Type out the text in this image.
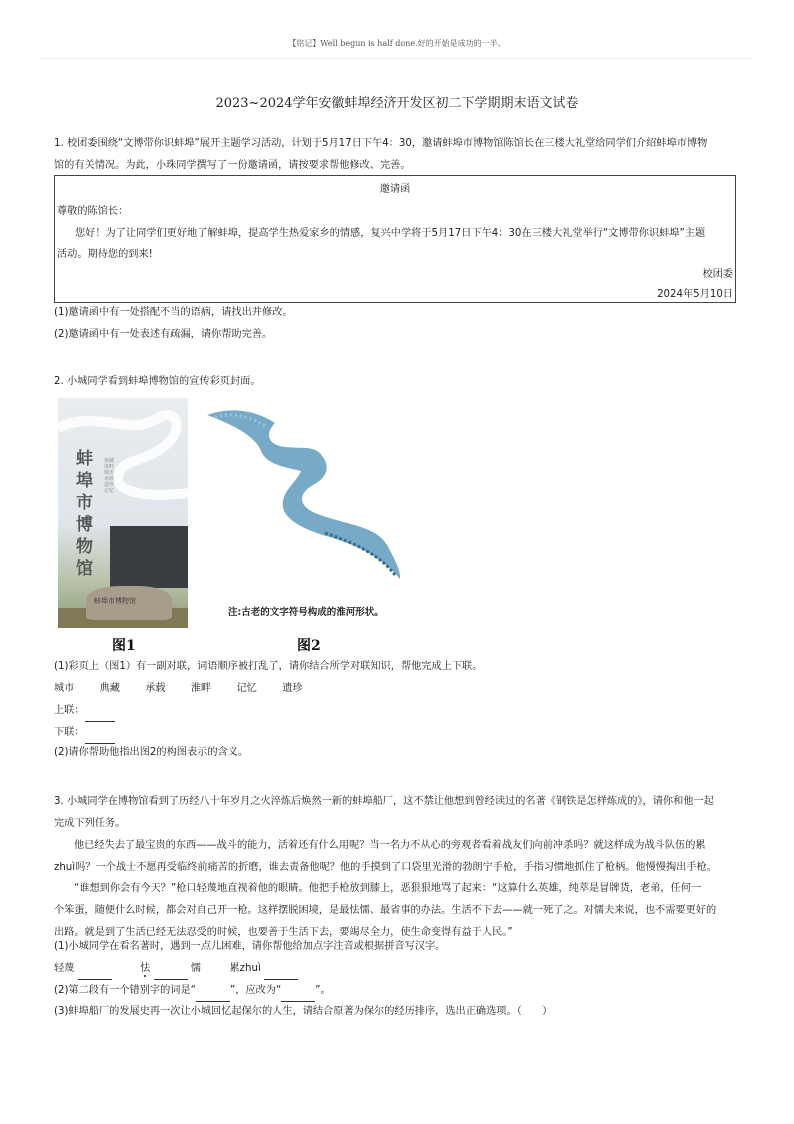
【铭记】Well begun is half done.好的开始是成功的一半。
2023~2024学年安徽蚌埠经济开发区初二下学期期末语文试卷
1. 校团委围绕“文博带你识蚌埠”展开主题学习活动，计划于5月17日下午4：30，邀请蚌埠市博物馆陈馆长在三楼大礼堂给同学们介绍蚌埠市博物
馆的有关情况。为此，小珠同学撰写了一份邀请函，请按要求帮他修改、完善。
邀请函
尊敬的陈馆长：
您好！为了让同学们更好地了解蚌埠，提高学生热爱家乡的情感，复兴中学将于5月17日下午4：30在三楼大礼堂举行“文博带你识蚌埠”主题
活动。期待您的到来!
校团委
2024年5月10日
(1)邀请函中有一处搭配不当的语病，请找出并修改。
(2)邀请函中有一处表述有疏漏，请你帮助完善。
2. 小城同学看到蚌埠博物馆的宣传彩页封面。
蚌埠市博物馆
典藏淮畔城市 承载遗珍记忆
蚌埠市博物馆
注:古老的文字符号构成的淮河形状。
图1	图2
(1)彩页上（图1）有一副对联，词语顺序被打乱了，请你结合所学对联知识，帮他完成上下联。
城市 典藏 承载 淮畔 记忆 遗珍
上联：
下联：
(2)请你帮助他指出图2的构图表示的含义。
3. 小城同学在博物馆看到了历经八十年岁月之火淬炼后焕然一新的蚌埠船厂，这不禁让他想到曾经读过的名著《钢铁是怎样炼成的》，请你和他一起
完成下列任务。
他已经失去了最宝贵的东西——战斗的能力，活着还有什么用呢？当一名力不从心的旁观者看着战友们向前冲杀吗？就这样成为战斗队伍的累
zhuì吗？一个战士不愿再受临终前痛苦的折磨，谁去责备他呢？他的手摸到了口袋里光滑的勃朗宁手枪，手指习惯地抓住了枪柄。他慢慢掏出手枪。
“谁想到你会有今天？”枪口轻蔑地直视着他的眼睛。他把手枪放到膝上，恶狠狠地骂了起来：“这算什么英雄，纯萃是冒牌货，老弟，任何一
个笨蛋，随便什么时候，都会对自己开一枪。这样摆脱困境，是最怯懦、最省事的办法。生活不下去——就一死了之。对懦夫来说，也不需要更好的
出路。就是到了生活已经无法忍受的时候，也要善于生活下去，要竭尽全力，使生命变得有益于人民。”
(1)小城同学在看名著时，遇到一点儿困难，请你帮他给加点字注音或根据拼音写汉字。
轻蔑	怯	懦	累zhuì
(2)第二段有一个错别字的词是“	”，应改为“	”。
(3)蚌埠船厂的发展史再一次让小城回忆起保尔的人生，请结合原著为保尔的经历排序，选出正确选项。（　　）
